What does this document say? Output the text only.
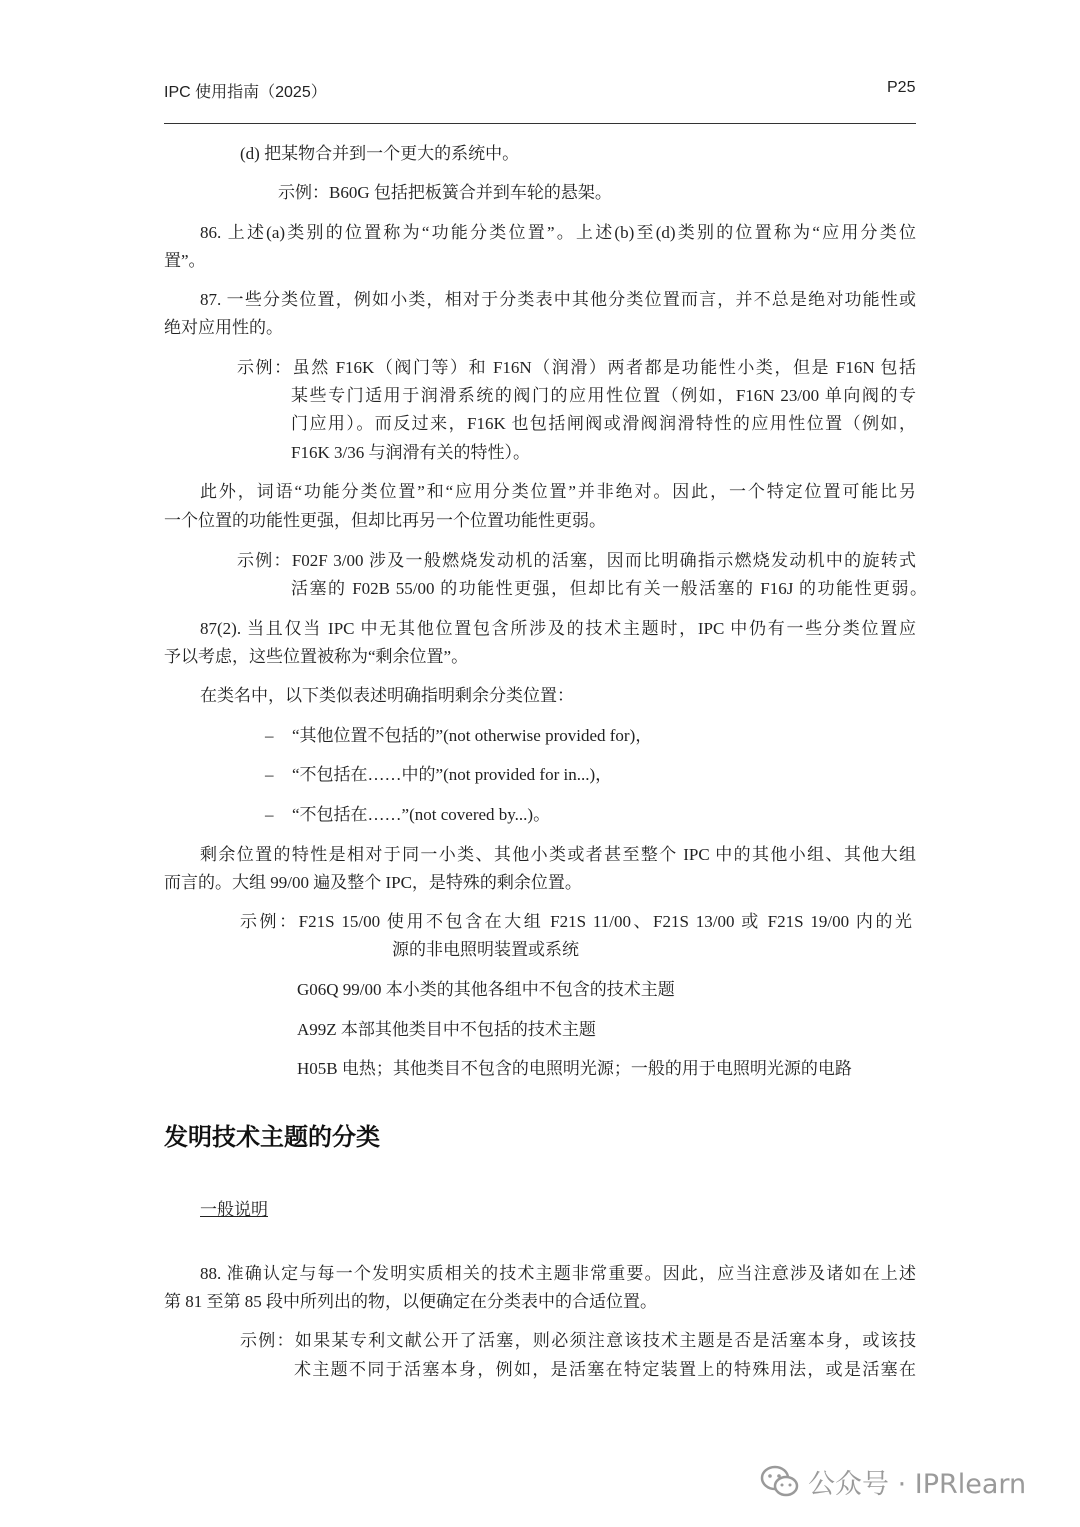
IPC 使用指南（2025）	P25
(d) 把某物合并到一个更大的系统中。
示例：B60G 包括把板簧合并到车轮的悬架。
86. 上述(a)类别的位置称为“功能分类位置”。上述(b)至(d)类别的位置称为“应用分类位
置”。
87. 一些分类位置，例如小类，相对于分类表中其他分类位置而言，并不总是绝对功能性或
绝对应用性的。
示例：虽然 F16K（阀门等）和 F16N（润滑）两者都是功能性小类，但是 F16N 包括
某些专门适用于润滑系统的阀门的应用性位置（例如，F16N 23/00 单向阀的专
门应用）。而反过来，F16K 也包括闸阀或滑阀润滑特性的应用性位置（例如，
F16K 3/36 与润滑有关的特性）。
此外，词语“功能分类位置”和“应用分类位置”并非绝对。因此，一个特定位置可能比另
一个位置的功能性更强，但却比再另一个位置功能性更弱。
示例：F02F 3/00 涉及一般燃烧发动机的活塞，因而比明确指示燃烧发动机中的旋转式
活塞的 F02B 55/00 的功能性更强，但却比有关一般活塞的 F16J 的功能性更弱。
87(2). 当且仅当 IPC 中无其他位置包含所涉及的技术主题时，IPC 中仍有一些分类位置应
予以考虑，这些位置被称为“剩余位置”。
在类名中，以下类似表述明确指明剩余分类位置：
– “其他位置不包括的”(not otherwise provided for)，
– “不包括在……中的”(not provided for in...)，
– “不包括在……”(not covered by...)。
剩余位置的特性是相对于同一小类、其他小类或者甚至整个 IPC 中的其他小组、其他大组
而言的。大组 99/00 遍及整个 IPC，是特殊的剩余位置。
示例：F21S 15/00 使用不包含在大组 F21S 11/00、F21S 13/00 或 F21S 19/00 内的光
源的非电照明装置或系统
G06Q 99/00 本小类的其他各组中不包含的技术主题
A99Z 本部其他类目中不包括的技术主题
H05B 电热；其他类目不包含的电照明光源；一般的用于电照明光源的电路
发明技术主题的分类
一般说明
88. 准确认定与每一个发明实质相关的技术主题非常重要。因此，应当注意涉及诸如在上述
第 81 至第 85 段中所列出的物，以便确定在分类表中的合适位置。
示例：如果某专利文献公开了活塞，则必须注意该技术主题是否是活塞本身，或该技
术主题不同于活塞本身，例如，是活塞在特定装置上的特殊用法，或是活塞在
公众号 · IPRlearn
